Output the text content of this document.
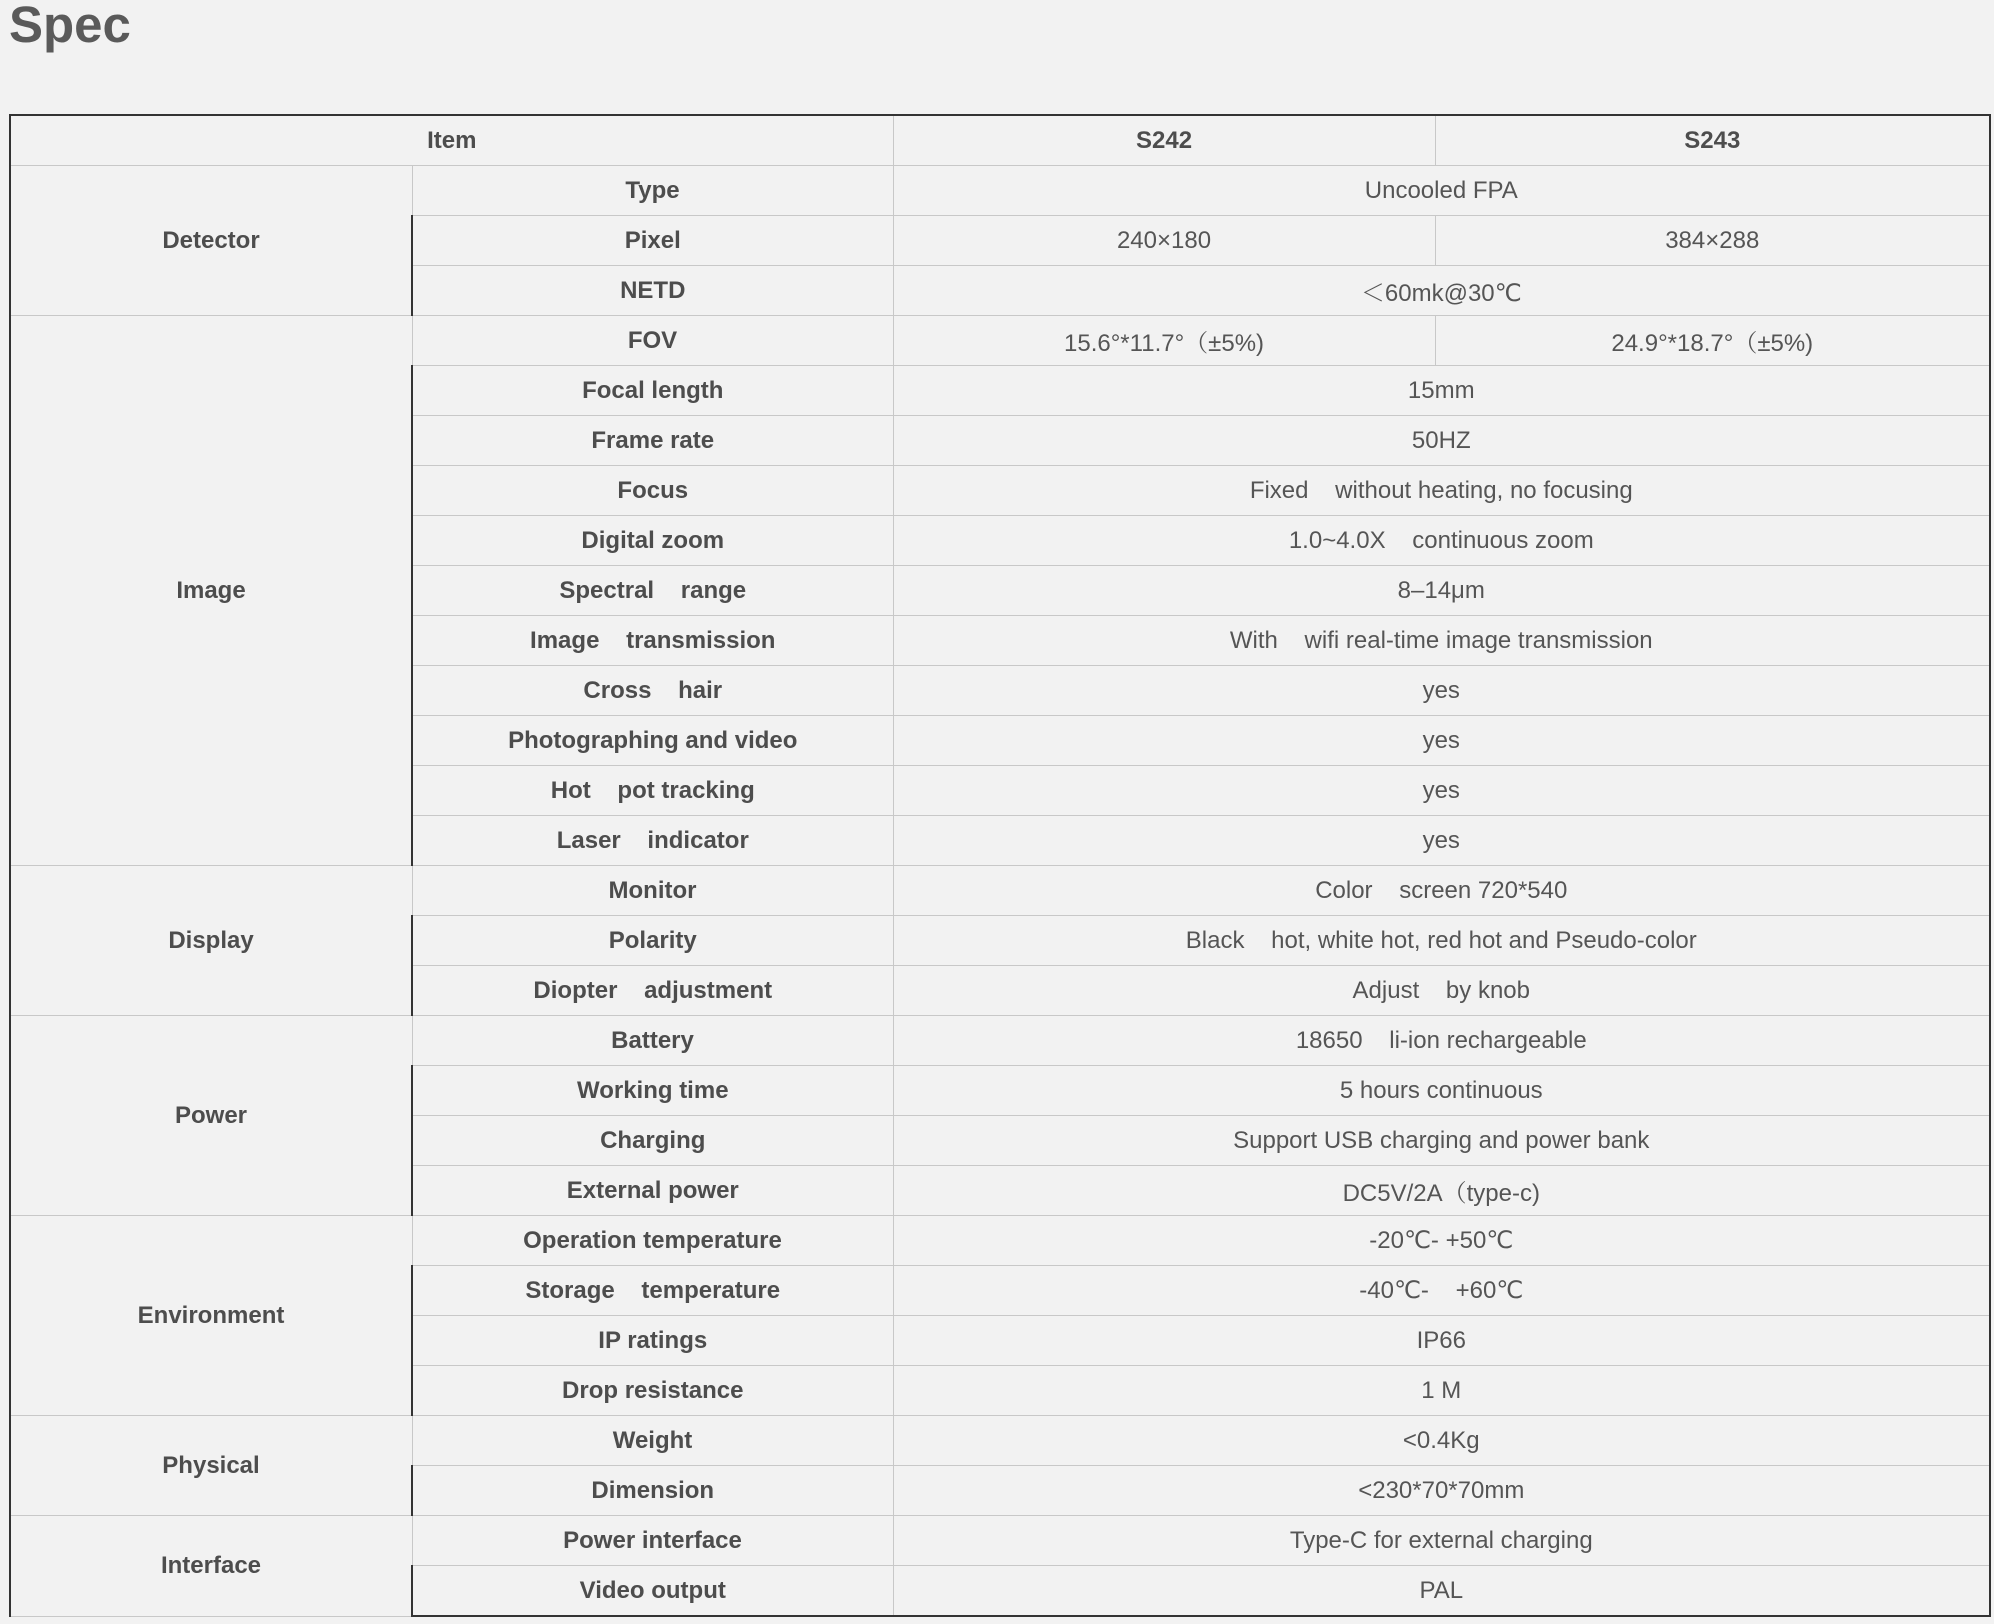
Spec
Item		S242	S243
Detector	Type	Uncooled FPA	
	Pixel	240×180	384×288
	NETD	＜60mk@30℃	
Image	FOV	15.6°*11.7°（±5%)	24.9°*18.7°（±5%)
	Focal length	15mm	
	Frame rate	50HZ	
	Focus	Fixed    without heating, no focusing	
	Digital zoom	1.0~4.0X    continuous zoom	
	Spectral    range	8–14μm	
	Image    transmission	With    wifi real-time image transmission	
	Cross    hair	yes	
	Photographing and video	yes	
	Hot    pot tracking	yes	
	Laser    indicator	yes	
Display	Monitor	Color    screen 720*540	
	Polarity	Black    hot, white hot, red hot and Pseudo-color	
	Diopter    adjustment	Adjust    by knob	
Power	Battery	18650    li-ion rechargeable	
	Working time	5 hours continuous	
	Charging	Support USB charging and power bank	
	External power	DC5V/2A（type-c)	
Environment	Operation temperature	-20℃- +50℃	
	Storage    temperature	-40℃-    +60℃	
	IP ratings	IP66	
	Drop resistance	1 M	
Physical	Weight	<0.4Kg	
	Dimension	<230*70*70mm	
Interface	Power interface	Type-C for external charging	
	Video output	PAL	
